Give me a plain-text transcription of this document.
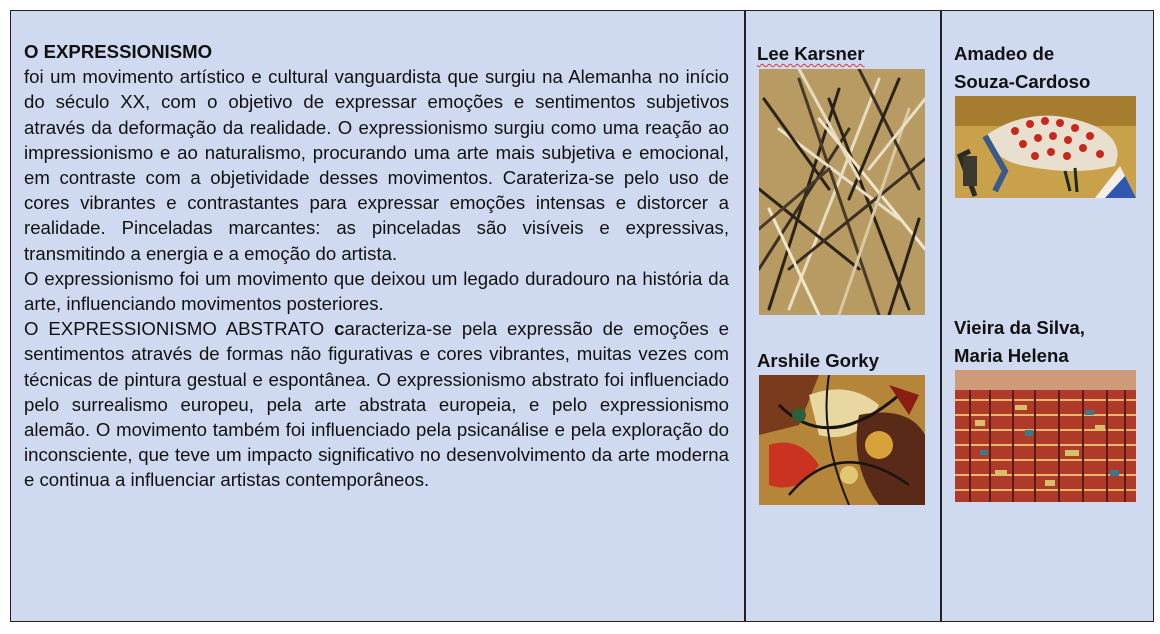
O EXPRESSIONISMO

foi um movimento artístico e cultural vanguardista que surgiu na Alemanha no início do século XX, com o objetivo de expressar emoções e sentimentos subjetivos através da deformação da realidade. O expressionismo surgiu como uma reação ao impressionismo e ao naturalismo, procurando uma arte mais subjetiva e emocional, em contraste com a objetividade desses movimentos. Carateriza-se pelo uso de cores vibrantes e contrastantes para expressar emoções intensas e distorcer a realidade. Pinceladas marcantes: as pinceladas são visíveis e expressivas, transmitindo a energia e a emoção do artista.

O expressionismo foi um movimento que deixou um legado duradouro na história da arte, influenciando movimentos posteriores.

O EXPRESSIONISMO ABSTRATO caracteriza-se pela expressão de emoções e sentimentos através de formas não figurativas e cores vibrantes, muitas vezes com técnicas de pintura gestual e espontânea. O expressionismo abstrato foi influenciado pelo surrealismo europeu, pela arte abstrata europeia, e pelo expressionismo alemão. O movimento também foi influenciado pela psicanálise e pela exploração do inconsciente, que teve um impacto significativo no desenvolvimento da arte moderna e continua a influenciar artistas contemporâneos.

Lee Karsner
Arshile Gorky
Amadeo de
Souza-Cardoso
Vieira da Silva,
Maria Helena
